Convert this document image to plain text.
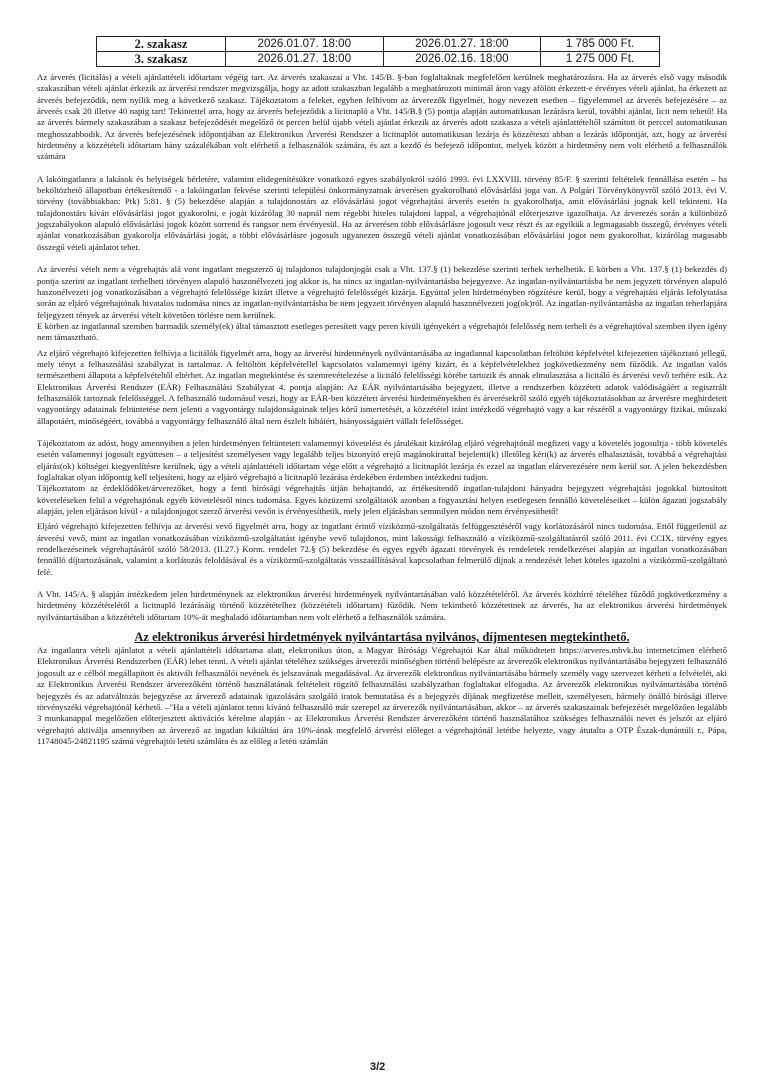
2. szakasz	2026.01.07. 18:00	2026.01.27. 18:00	1 785 000 Ft.
3. szakasz	2026.01.27. 18:00	2026.02.16. 18:00	1 275 000 Ft.

Az árverés (licitálás) a vételi ajánlattételi időtartam végéig tart. Az árverés szakaszai a Vht. 145/B. §-ban foglaltaknak megfelelően kerülnek meghatározásra. Ha az árverés első vagy második szakaszában vételi ajánlat érkezik az árverési rendszer megvizsgálja, hogy az adott szakaszban legalább a meghatározott minimál áron vagy afölött érkezett-e érvényes vételi ajánlat, ha érkezett az árverés befejeződik, nem nyílik meg a következő szakasz. Tájékoztatom a feleket, egyben felhívom az árverezők figyelmét, hogy nevezett esetben – figyelemmel az árverés befejezésére – az árverés csak 20 illetve 40 napig tart! Tekintettel arra, hogy az árverés befejeződik a licitnapló a Vht. 145/B.§ (5) pontja alapján automatikusan lezárásra kerül, további ajánlat, licit nem tehető! Ha az árverés bármely szakaszában a szakasz befejeződését megelőző öt percen belül újabb vételi ajánlat érkezik az árverés adott szakasza a vételi ajánlattételtől számított öt perccel automatikusan meghosszabbodik. Az árverés befejezésének időpontjában az Elektronikus Árverési Rendszer a licitnaplót automatikusan lezárja és közzéteszi abban a lezárás időpontját, azt, hogy az árverési hirdetmény a közzétételi időtartam hány százalékában volt elérhető a felhasználók számára, és azt a kezdő és befejező időpontot, melyek között a hirdetmény nem volt elérhető a felhasználók számára

A lakóingatlanra a lakások és helyiségek bérletére, valamint elidegenítésükre vonatkozó egyes szabályokról szóló 1993. évi LXXVIII. törvény 85/F. § szerinti feltételek fennállása esetén – ha beköltözhető állapotban értékesítendő - a lakóingatlan fekvése szerinti települési önkormányzatnak árverésen gyakorolható elővásárlási joga van. A Polgári Törvénykönyvről szóló 2013. évi V. törvény (továbbiakban: Ptk) 5:81. § (5) bekezdése alapján a tulajdonostárs az elővásárlási jogot végrehajtási árverés esetén is gyakorolhatja, amit elővásárlási jognak kell tekinteni. Ha tulajdonostárs kíván elővásárlási jogot gyakorolni, e jogát kizárólag 30 napnál nem régebbi hiteles tulajdoni lappal, a végrehajtónál előterjesztve igazolhatja. Az árverezés során a különböző jogszabályokon alapuló elővásárlási jogok között sorrend és rangsor nem érvényesül. Ha az árverésen több elővásárlásre jogosult vesz részt és az egyikük a legmagasabb összegű, érvényes vételi ajánlat vonatkozásában gyakorolja elővásárlási jogát, a többi elővásárlásre jogosult ugyanezen összegű vételi ajánlat vonatkozásában elővásárlási jogot nem gyakorolhat, kizárólag magasabb összegű vételi ajánlatot tehet.

Az árverési vételt nem a végrehajtás alá vont ingatlant megszerző új tulajdonos tulajdonjogát csak a Vht. 137.§ (1) bekezdése szerinti terhek terhelhetik. E körben a Vht. 137.§ (1) bekezdés d) pontja szerint az ingatlant terhelheti törvényen alapuló haszonélvezeti jog akkor is, ha nincs az ingatlan-nyilvántartásba bejegyezve. Az ingatlan-nyilvántartásba be nem jegyzett törvényen alapuló haszonélvezeti jog vonatkozásában a végrehajtó felelőssége kizárt illetve a végrehajtó felelősségét kizárja. Egyúttal jelen hirdetményben rögzítésre kerül, hogy a végrehajtási eljárás lefolytatása során az eljáró végrehajtónak hivatalos tudomása nincs az ingatlan-nyilvántartásba be nem jegyzett törvényen alapuló haszonélvezeti jog(ok)ról. Az ingatlan-nyilvántartásba az ingatlan teherlapjára feljegyzett tények az árverési vételt követően törlésre nem kerülnek.

E körben az ingatlannal szemben harmadik személy(ek) által támasztott esetleges peresített vagy peren kívüli igényekért a végrehajtót felelősség nem terheli és a végrehajtóval szemben ilyen igény nem támasztható.

Az eljáró végrehajtó kifejezetten felhívja a licitálók figyelmét arra, hogy az árverési hirdetmények nyilvántartásába az ingatlannal kapcsolatban feltöltött képfelvétel kifejezetten tájékoztató jellegű, mely tényt a felhasználási szabályzat is tartalmaz. A feltöltött képfelvétellel kapcsolatos valamennyi igény kizárt, és a képfelvételekhez jogkövetkezmény nem fűződik. Az ingatlan valós természetbeni állapota a képfelvételtől eltérhet. Az ingatlan megtekintése és szemrevételezése a licitáló felelősségi körébe tartozik és annak elmulasztása a licitáló és árverési vevő terhére esik. Az Elektronikus Árverési Rendszer (EÁR) Felhasználási Szabályzat 4. pontja alapján: Az EÁR nyilvántartásába bejegyzett, illetve a rendszerben közzétett adatok valódiságáért a regisztrált felhasználók tartoznak felelősséggel. A felhasználó tudomásul veszi, hogy az EÁR-ben közzétett árverési hirdetményekben és árverésekről szóló egyéb tájékoztatásokban az árverésre meghirdetett vagyontárgy adatainak feltüntetése nem jelenti a vagyontárgy tulajdonságainak teljes körű ismertetését, a közzététel iránt intézkedő végrehajtó vagy a kar részéről a vagyontárgy fizikai, műszaki állapotáért, minőségéért, továbbá a vagyontárgy felhasználó által nem észlelt hibáiért, hiányosságaiért vállalt felelősséget.

Tájékoztatom az adóst, hogy amennyiben a jelen hirdetményen feltüntetett valamennyi követelést és járulékait kizárólag eljáró végrehajtónál megfizeti vagy a követelés jogosultja - több követelés esetén valamennyi jogosult együttesen – a teljesítést személyesen vagy legalább teljes bizonyító erejű magánokirattal bejelenti(k) illetőleg kéri(k) az árverés elhalasztását, továbbá a végrehajtási eljárás(ok) költségei kiegyenlítésre kerülnek, úgy a vételi ajánlattételi időtartam vége előtt a végrehajtó a licitnaplót lezárja és ezzel az ingatlan elárverezésére nem kerül sor. A jelen bekezdésben foglaltakat olyan időpontig kell teljesíteni, hogy az eljáró végrehajtó a licitnapló lezárása érdekében érdemben intézkedni tudjon.

Tájékoztatom az érdeklődőket/árverezőket, hogy a fenti bírósági végrehajtás útján behajtandó, az értékesítendő ingatlan-tulajdoni hányadra bejegyzett végrehajtási jogokkal biztosított követeléseken felül a végrehajtónak egyéb követelésről nincs tudomása. Egyes közüzemi szolgáltatók azonban a fogyasztási helyen esetlegesen fennálló követeléseiket – külön ágazati jogszabály alapján, jelen eljáráson kívül - a tulajdonjogot szerző árverési vevőn is érvényesíthetik, mely jelen eljárásban semmilyen módon nem érvényesíthető!

Eljáró végrehajtó kifejezetten felhívja az árverési vevő figyelmét arra, hogy az ingatlant érintő víziközmű-szolgáltatás felfüggesztéséről vagy korlátozásáról nincs tudomása. Ettől függetlenül az árverési vevő, mint az ingatlan vonatkozásában víziközmű-szolgáltatást igénybe vevő tulajdonos, mint lakossági felhasználó a víziközmű-szolgáltatásról szóló 2011. évi CCIX. törvény egyes rendelkezéseinek végrehajtásáról szóló 58/2013. (II.27.) Korm. rendelet 72.§ (5) bekezdése és egyes egyéb ágazati törvények és rendeletek rendelkezései alapján az ingatlan vonatkozásában fennálló díjtartozásának, valamint a korlátozás feloldásával és a víziközmű-szolgáltatás visszaállításával kapcsolatban felmerülő díjnak a rendezését lehet köteles igazolni a víziközmű-szolgáltató felé.

A Vht. 145/A. § alapján intézkedem jelen hirdetménynek az elektronikus árverési hirdetmények nyilvántartásában való közzétételéről. Az árverés közhírré tételéhez fűződő jogkövetkezmény a hirdetmény közzétételétől a licitnapló lezárásáig történő közzétételhez (közzétételi időtartam) fűződik. Nem tekinthető közzétettnek az árverés, ha az elektronikus árverési hirdetmények nyilvántartásában a közzétételi időtartam 10%-át meghaladó időtartamban nem volt elérhető a felhasználók számára.

Az elektronikus árverési hirdetmények nyilvántartása nyilvános, díjmentesen megtekinthető.

Az ingatlanra vételi ajánlatot a vételi ajánlattételi időtartama alatt, elektronikus úton, a Magyar Bírósági Végrehajtói Kar által működtetett https://arveres.mbvk.hu internetcímen elérhető Elektronikus Árverési Rendszerben (EÁR) lehet tenni. A vételi ajánlat tételéhez szükséges árverezői minőségben történő belépésre az árverezők elektronikus nyilvántartásába bejegyzett felhasználó jogosult az e célból megállapított és aktivált felhasználói nevének és jelszavának megadásával. Az árverezők elektronikus nyilvántartásába bármely személy vagy szervezet kérheti a felvételét, aki az Elektronikus Árverési Rendszer árverezőként történő használatának feltételeit rögzítő felhasználási szabályzatban foglaltakat elfogadta. Az árverezők elektronikus nyilvántartásába történő bejegyzés és az adatváltozás bejegyzése az árverező adatainak igazolására szolgáló iratok bemutatása és a bejegyzés díjának megfizetése mellett, személyesen, bármely önálló bírósági illetve törvényszéki végrehajtónál kérhető. –"Ha a vételi ajánlatot tenni kívánó felhasználó már szerepel az árverezők nyilvántartásában, akkor – az árverés szakaszainak befejezését megelőzően legalább 3 munkanappal megelőzően előterjesztett aktivációs kérelme alapján - az Elektronikus Árverési Rendszer árverezőként történő használatához szükséges felhasználói nevet és jelszót az eljáró végrehajtó aktiválja amennyiben az árverező az ingatlan kikiáltási ára 10%-ának megfelelő árverési előleget a végrehajtónál letétbe helyezte, vagy átutalta a OTP Észak-dunántúli r., Pápa, 11748045-24821195 számú végrehajtói letéti számlára és az előleg a letéti számlán

3/2
